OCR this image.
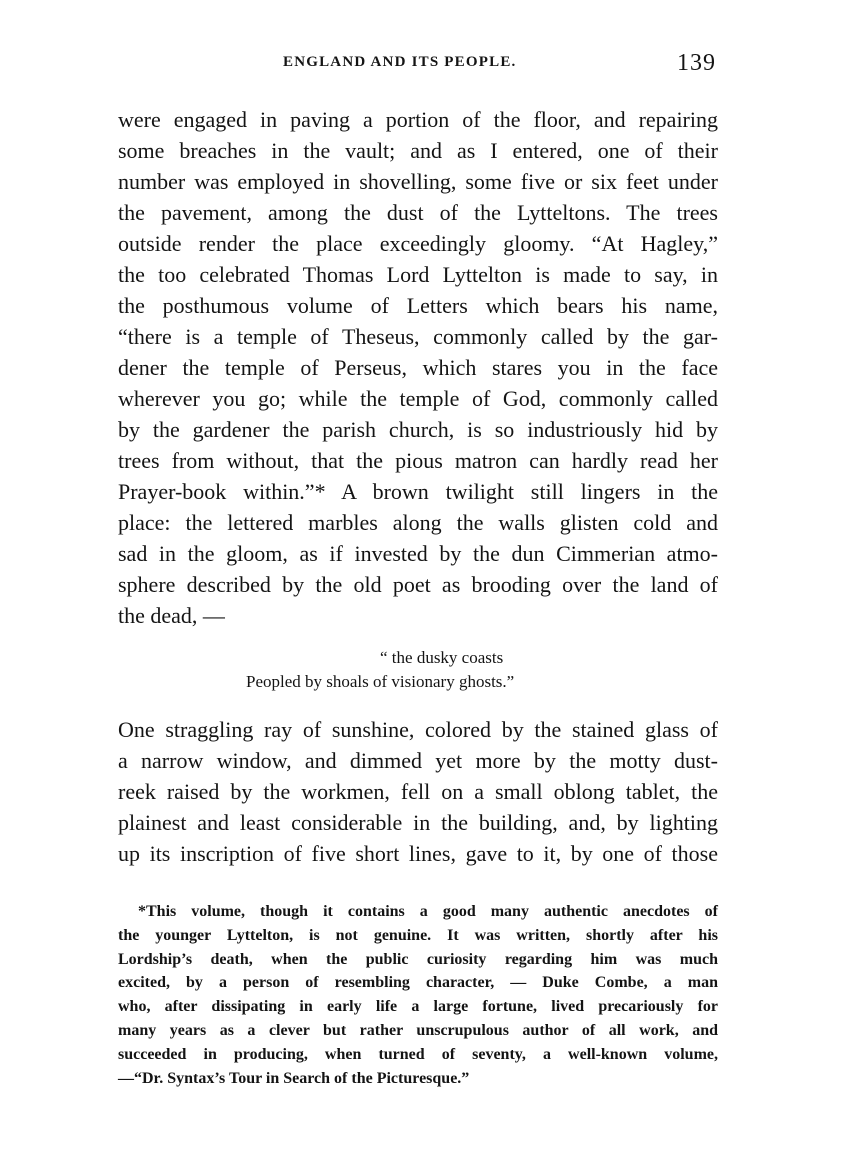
ENGLAND AND ITS PEOPLE.	139
were engaged in paving a portion of the floor, and repairing
some breaches in the vault; and as I entered, one of their
number was employed in shovelling, some five or six feet under
the pavement, among the dust of the Lytteltons. The trees
outside render the place exceedingly gloomy. “At Hagley,”
the too celebrated Thomas Lord Lyttelton is made to say, in
the posthumous volume of Letters which bears his name,
“there is a temple of Theseus, commonly called by the gar-
dener the temple of Perseus, which stares you in the face
wherever you go; while the temple of God, commonly called
by the gardener the parish church, is so industriously hid by
trees from without, that the pious matron can hardly read her
Prayer-book within.”* A brown twilight still lingers in the
place: the lettered marbles along the walls glisten cold and
sad in the gloom, as if invested by the dun Cimmerian atmo-
sphere described by the old poet as brooding over the land of
the dead, —
“ the dusky coasts
Peopled by shoals of visionary ghosts.”
One straggling ray of sunshine, colored by the stained glass of
a narrow window, and dimmed yet more by the motty dust-
reek raised by the workmen, fell on a small oblong tablet, the
plainest and least considerable in the building, and, by lighting
up its inscription of five short lines, gave to it, by one of those
*This volume, though it contains a good many authentic anecdotes of
the younger Lyttelton, is not genuine. It was written, shortly after his
Lordship’s death, when the public curiosity regarding him was much
excited, by a person of resembling character, — Duke Combe, a man
who, after dissipating in early life a large fortune, lived precariously for
many years as a clever but rather unscrupulous author of all work, and
succeeded in producing, when turned of seventy, a well-known volume,
—“Dr. Syntax’s Tour in Search of the Picturesque.”
